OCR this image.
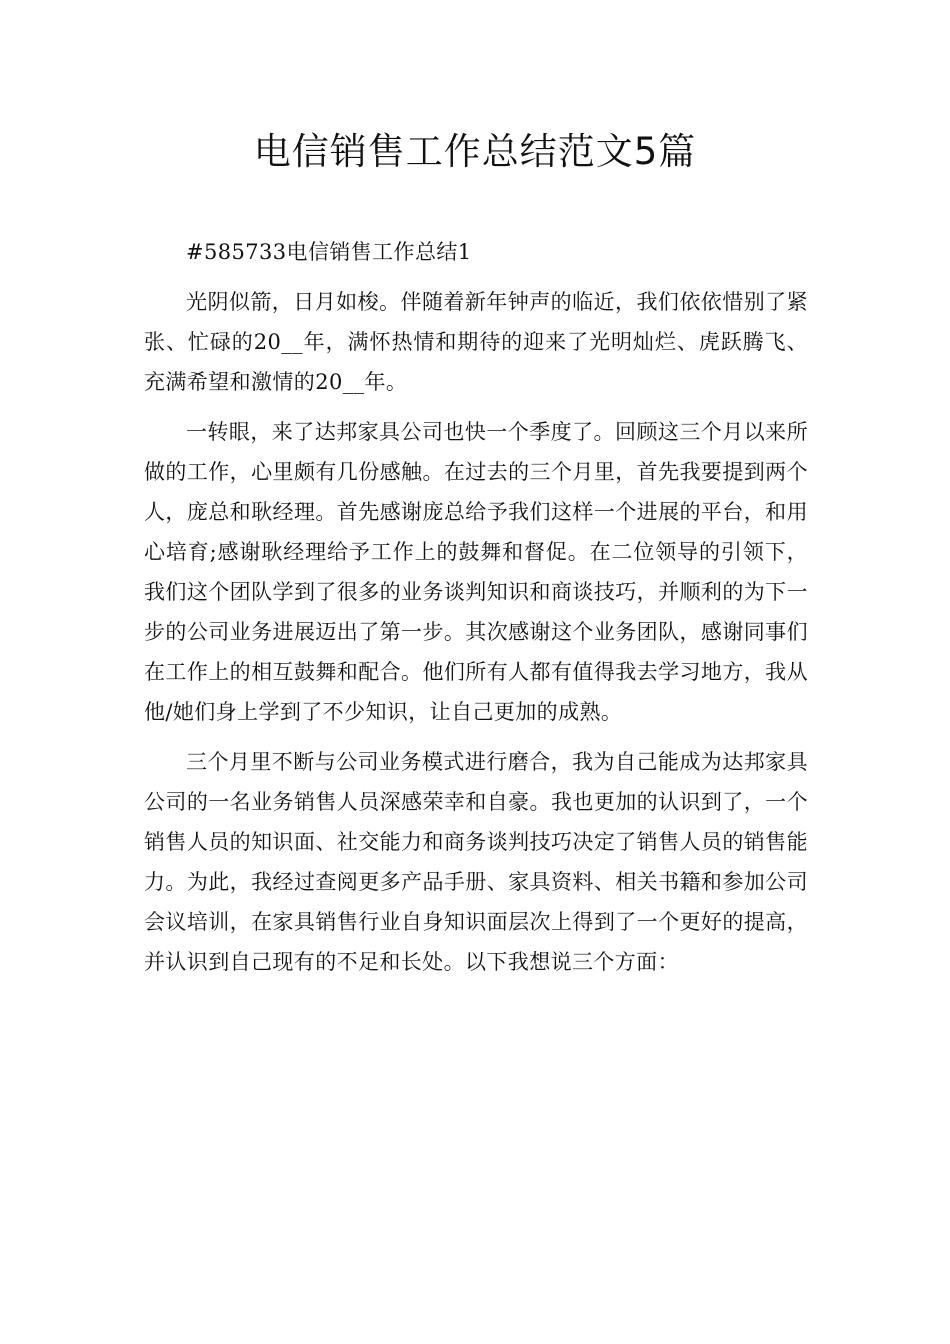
电信销售工作总结范文5篇

#585733电信销售工作总结1

光阴似箭，日月如梭。伴随着新年钟声的临近，我们依依惜别了紧张、忙碌的20__年，满怀热情和期待的迎来了光明灿烂、虎跃腾飞、充满希望和激情的20__年。

一转眼，来了达邦家具公司也快一个季度了。回顾这三个月以来所做的工作，心里颇有几份感触。在过去的三个月里，首先我要提到两个人，庞总和耿经理。首先感谢庞总给予我们这样一个进展的平台，和用心培育;感谢耿经理给予工作上的鼓舞和督促。在二位领导的引领下，我们这个团队学到了很多的业务谈判知识和商谈技巧，并顺利的为下一步的公司业务进展迈出了第一步。其次感谢这个业务团队，感谢同事们在工作上的相互鼓舞和配合。他们所有人都有值得我去学习地方，我从他/她们身上学到了不少知识，让自己更加的成熟。

三个月里不断与公司业务模式进行磨合，我为自己能成为达邦家具公司的一名业务销售人员深感荣幸和自豪。我也更加的认识到了，一个销售人员的知识面、社交能力和商务谈判技巧决定了销售人员的销售能力。为此，我经过查阅更多产品手册、家具资料、相关书籍和参加公司会议培训，在家具销售行业自身知识面层次上得到了一个更好的提高，并认识到自己现有的不足和长处。以下我想说三个方面：
